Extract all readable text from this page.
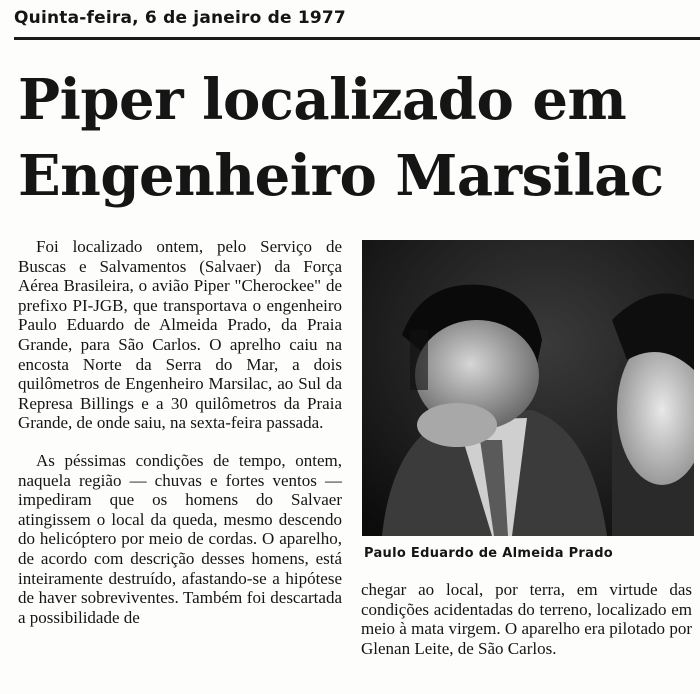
Quinta-feira, 6 de janeiro de 1977
Piper localizado em Engenheiro Marsilac

Foi localizado ontem, pelo Serviço de Buscas e Salvamentos (Salvaer) da Força Aérea Brasileira, o avião Piper "Cherockee" de prefixo PI-JGB, que transportava o engenheiro Paulo Eduardo de Almeida Prado, da Praia Grande, para São Carlos. O aprelho caiu na encosta Norte da Serra do Mar, a dois quilômetros de Engenheiro Marsilac, ao Sul da Represa Billings e a 30 quilômetros da Praia Grande, de onde saiu, na sexta-feira passada.

As péssimas condições de tempo, ontem, naquela região — chuvas e fortes ventos — impediram que os homens do Salvaer atingissem o local da queda, mesmo descendo do helicóptero por meio de cordas. O aparelho, de acordo com descrição desses homens, está inteiramente destruído, afastando-se a hipótese de haver sobreviventes. Também foi descartada a possibilidade de

Paulo Eduardo de Almeida Prado

chegar ao local, por terra, em virtude das condições acidentadas do terreno, localizado em meio à mata virgem. O aparelho era pilotado por Glenan Leite, de São Carlos.
